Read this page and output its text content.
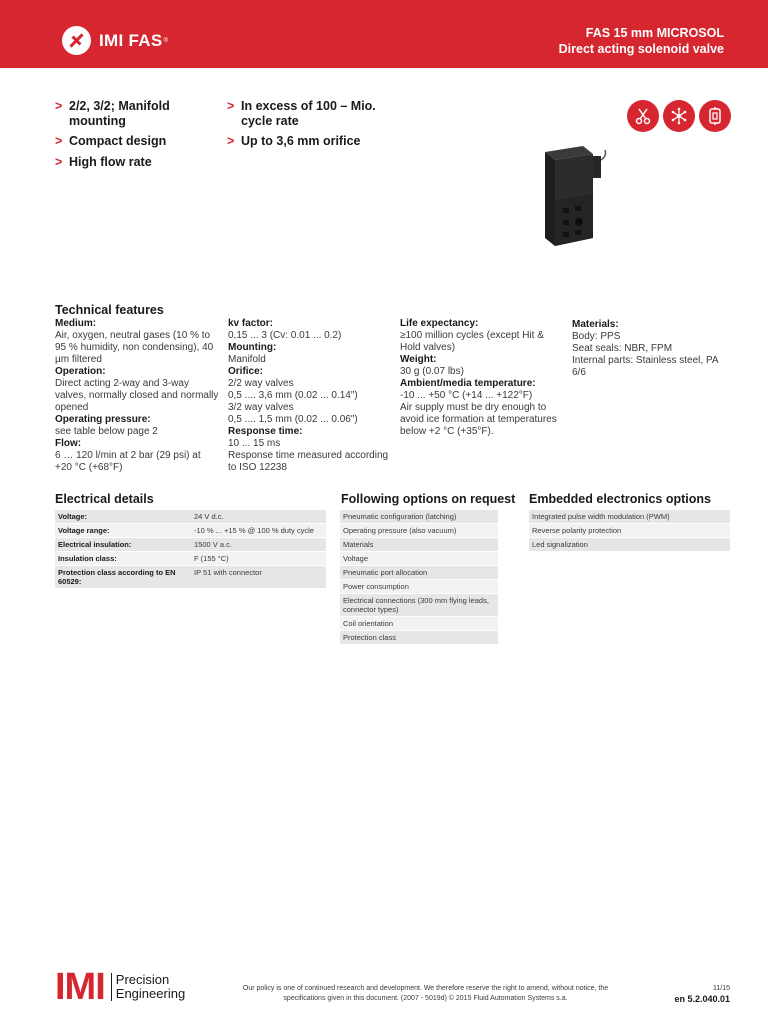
IMI FAS ®
FAS 15 mm MICROSOL
Direct acting solenoid valve
> 2/2, 3/2; Manifold mounting
> Compact design
> High flow rate
> In excess of 100 – Mio. cycle rate
> Up to 3,6 mm orifice
Technical features
Medium:
Air, oxygen, neutral gases (10 % to 95 % humidity, non condensing), 40 µm filtered
Operation:
Direct acting 2-way and 3-way valves, normally closed and normally opened
Operating pressure:
see table below page 2
Flow:
6 … 120 l/min at 2 bar (29 psi) at +20 °C (+68°F)
kv factor:
0,15 ... 3 (Cv: 0.01 ... 0.2)
Mounting:
Manifold
Orifice:
2/2 way valves
0,5 .... 3,6 mm (0.02 ... 0.14")
3/2 way valves
0,5 .... 1,5 mm (0.02 ... 0.06")
Response time:
10 ... 15 ms
Response time measured according to ISO 12238
Life expectancy:
≥100 million cycles (except Hit & Hold valves)
Weight:
30 g (0.07 lbs)
Ambient/media temperature:
-10 ... +50 °C (+14 ... +122°F)
Air supply must be dry enough to avoid ice formation at temperatures below +2 °C (+35°F).
Materials:
Body: PPS
Seat seals: NBR, FPM
Internal parts: Stainless steel, PA 6/6
Electrical details	Following options on request Embedded electronics options
Voltage:	24 V d.c.
Voltage range:	-10 % ... +15 % @ 100 % duty cycle
Electrical insulation:	1500 V a.c.
Insulation class:	F (155 °C)
Protection class according to EN 60529:	IP 51 with connector
Pneumatic configuration (latching)
Operating pressure (also vacuum)
Materials
Voltage
Pneumatic port allocation
Power consumption
Electrical connections (300 mm flying leads, connector types)
Coil orientation
Protection class
Integrated pulse width modulation (PWM)
Reverse polarity protection
Led signalization
IMI Precision
Engineering	Our policy is one of continued research and development. We therefore reserve the right to amend, without notice, the specifications given in this document. (2007 - 5019d) © 2015 Fluid Automation Systems s.a.
11/15
en 5.2.040.01
